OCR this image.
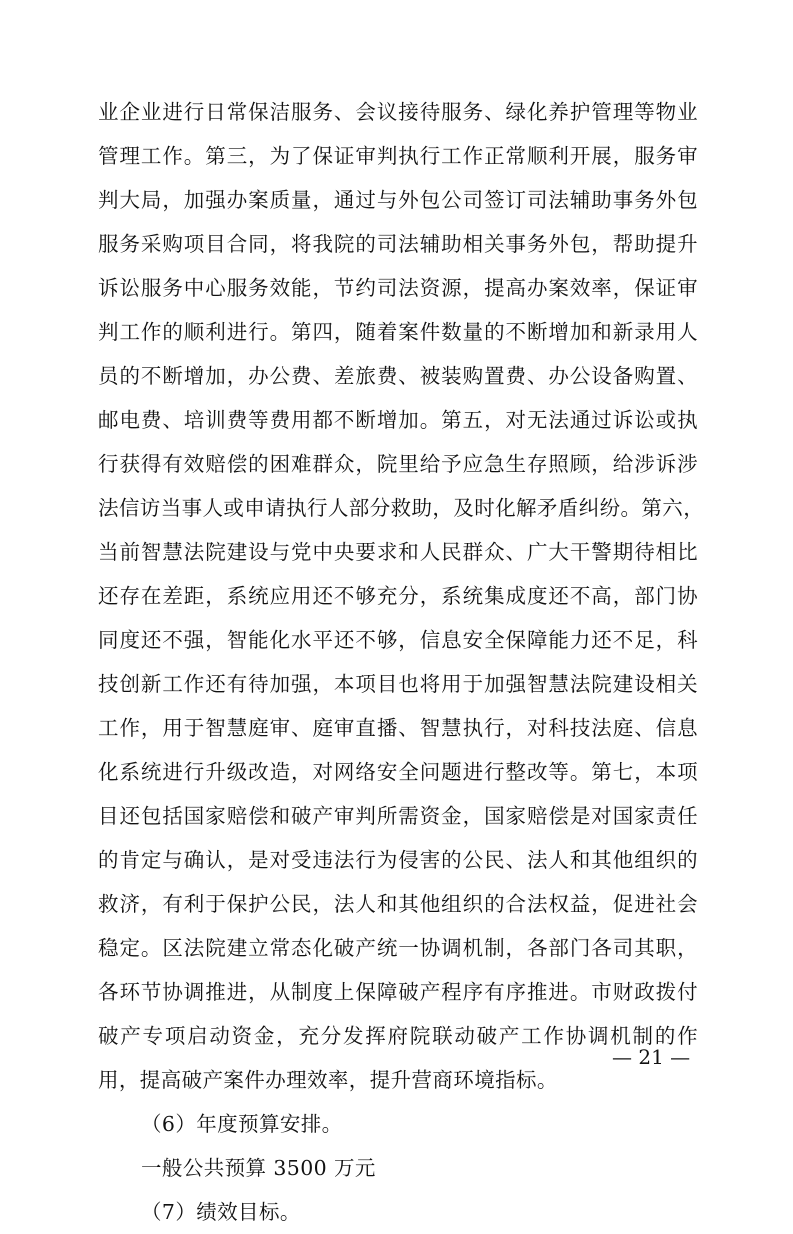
业企业进行日常保洁服务、会议接待服务、绿化养护管理等物业
管理工作。第三，为了保证审判执行工作正常顺利开展，服务审
判大局，加强办案质量，通过与外包公司签订司法辅助事务外包
服务采购项目合同，将我院的司法辅助相关事务外包，帮助提升
诉讼服务中心服务效能，节约司法资源，提高办案效率，保证审
判工作的顺利进行。第四，随着案件数量的不断增加和新录用人
员的不断增加，办公费、差旅费、被装购置费、办公设备购置、
邮电费、培训费等费用都不断增加。第五，对无法通过诉讼或执
行获得有效赔偿的困难群众，院里给予应急生存照顾，给涉诉涉
法信访当事人或申请执行人部分救助，及时化解矛盾纠纷。第六，
当前智慧法院建设与党中央要求和人民群众、广大干警期待相比
还存在差距，系统应用还不够充分，系统集成度还不高，部门协
同度还不强，智能化水平还不够，信息安全保障能力还不足，科
技创新工作还有待加强，本项目也将用于加强智慧法院建设相关
工作，用于智慧庭审、庭审直播、智慧执行，对科技法庭、信息
化系统进行升级改造，对网络安全问题进行整改等。第七，本项
目还包括国家赔偿和破产审判所需资金，国家赔偿是对国家责任
的肯定与确认，是对受违法行为侵害的公民、法人和其他组织的
救济，有利于保护公民，法人和其他组织的合法权益，促进社会
稳定。区法院建立常态化破产统一协调机制，各部门各司其职，
各环节协调推进，从制度上保障破产程序有序推进。市财政拨付
破产专项启动资金，充分发挥府院联动破产工作协调机制的作
用，提高破产案件办理效率，提升营商环境指标。
（6）年度预算安排。
一般公共预算 3500 万元
（7）绩效目标。
— 21 —
